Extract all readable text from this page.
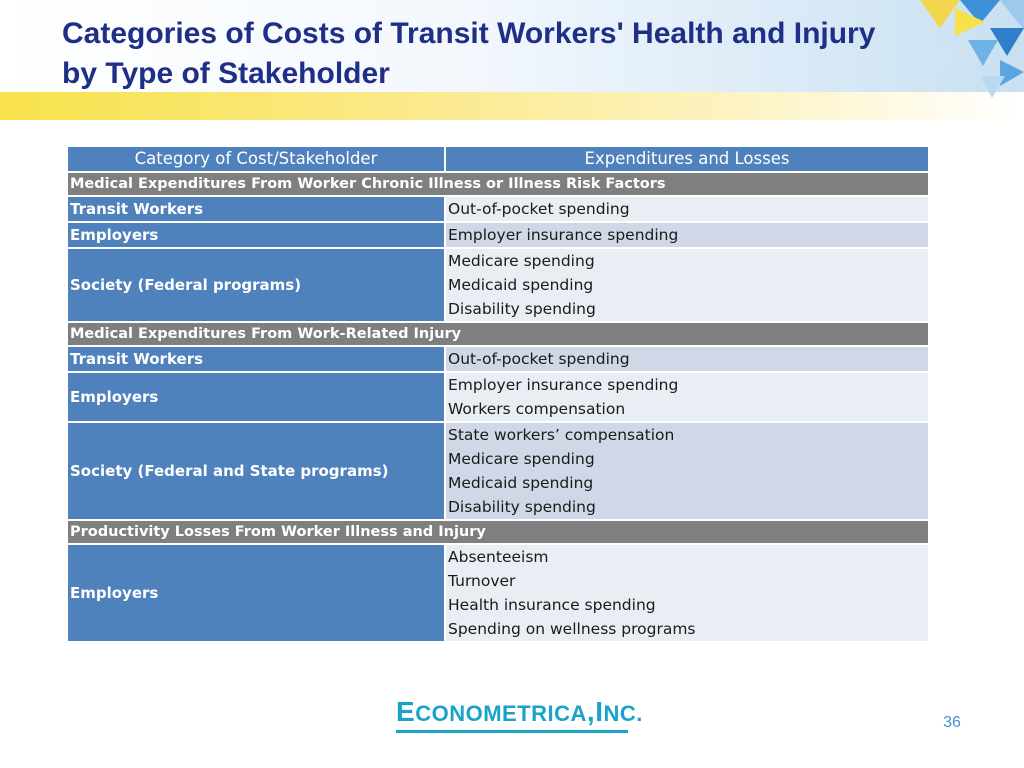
Categories of Costs of Transit Workers' Health and Injury by Type of Stakeholder
Category of Cost/Stakeholder	Expenditures and Losses
Medical Expenditures From Worker Chronic Illness or Illness Risk Factors	
Transit Workers	Out-of-pocket spending

Employers	Employer insurance spending

Society (Federal programs)	Medicare spending
Medicaid spending
Disability spending

Medical Expenditures From Work-Related Injury	
Transit Workers	Out-of-pocket spending

Employers	Employer insurance spending
Workers compensation

Society (Federal and State programs)	State workers’ compensation
Medicare spending
Medicaid spending
Disability spending

Productivity Losses From Worker Illness and Injury	
Employers	Absenteeism
Turnover
Health insurance spending
Spending on wellness programs
ECONOMETRICA,INC.	36
